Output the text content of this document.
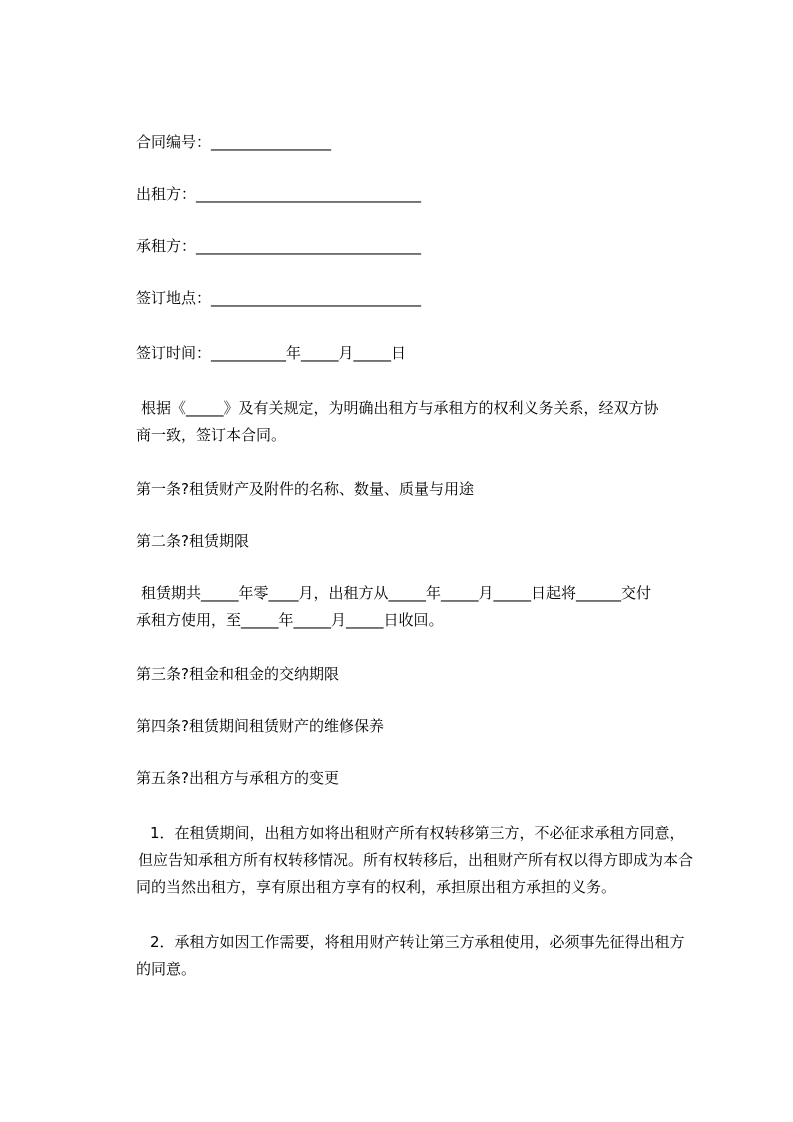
合同编号：________________
出租方：______________________________
承租方：______________________________
签订地点：____________________________
签订时间：__________年_____月_____日
根据《_____》及有关规定，为明确出租方与承租方的权利义务关系，经双方协
商一致，签订本合同。
第一条?租赁财产及附件的名称、数量、质量与用途
第二条?租赁期限
租赁期共_____年零____月，出租方从_____年_____月_____日起将______交付
承租方使用，至_____年_____月_____日收回。
第三条?租金和租金的交纳期限
第四条?租赁期间租赁财产的维修保养
第五条?出租方与承租方的变更
1．在租赁期间，出租方如将出租财产所有权转移第三方，不必征求承租方同意，
但应告知承租方所有权转移情况。所有权转移后，出租财产所有权以得方即成为本合
同的当然出租方，享有原出租方享有的权利，承担原出租方承担的义务。
2．承租方如因工作需要，将租用财产转让第三方承租使用，必须事先征得出租方
的同意。
